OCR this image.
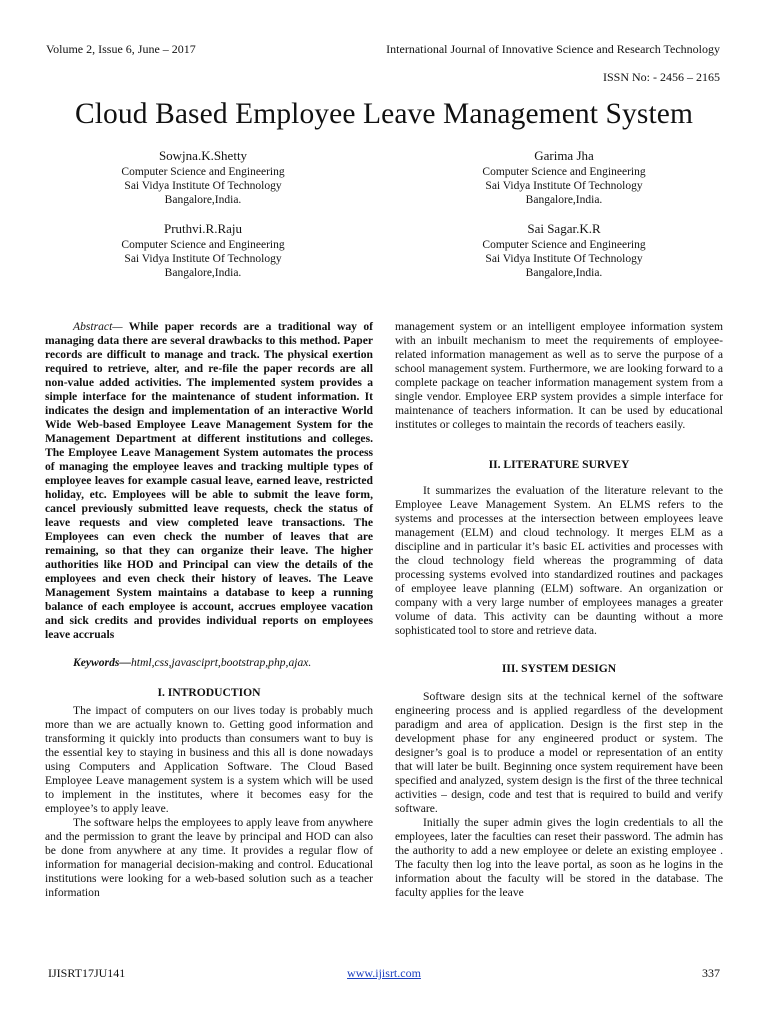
Volume 2, Issue 6, June – 2017	International Journal of Innovative Science and Research Technology
ISSN No: - 2456 – 2165
Cloud Based Employee Leave Management System
Sowjna.K.Shetty
Computer Science and Engineering
Sai Vidya Institute Of Technology
Bangalore,India.
Garima Jha
Computer Science and Engineering
Sai Vidya Institute Of Technology
Bangalore,India.
Pruthvi.R.Raju
Computer Science and Engineering
Sai Vidya Institute Of Technology
Bangalore,India.
Sai Sagar.K.R
Computer Science and Engineering
Sai Vidya Institute Of Technology
Bangalore,India.

Abstract— While paper records are a traditional way of managing data there are several drawbacks to this method. Paper records are difficult to manage and track. The physical exertion required to retrieve, alter, and re-file the paper records are all non-value added activities. The implemented system provides a simple interface for the maintenance of student information. It indicates the design and implementation of an interactive World Wide Web-based Employee Leave Management System for the Management Department at different institutions and colleges. The Employee Leave Management System automates the process of managing the employee leaves and tracking multiple types of employee leaves for example casual leave, earned leave, restricted holiday, etc. Employees will be able to submit the leave form, cancel previously submitted leave requests, check the status of leave requests and view completed leave transactions. The Employees can even check the number of leaves that are remaining, so that they can organize their leave. The higher authorities like HOD and Principal can view the details of the employees and even check their history of leaves. The Leave Management System maintains a database to keep a running balance of each employee is account, accrues employee vacation and sick credits and provides individual reports on employees leave accruals

Keywords—html,css,javasciprt,bootstrap,php,ajax.

I. INTRODUCTION

The impact of computers on our lives today is probably much more than we are actually known to. Getting good information and transforming it quickly into products than consumers want to buy is the essential key to staying in business and this all is done nowadays using Computers and Application Software. The Cloud Based Employee Leave management system is a system which will be used to implement in the institutes, where it becomes easy for the employee’s to apply leave.

The software helps the employees to apply leave from anywhere and the permission to grant the leave by principal and HOD can also be done from anywhere at any time. It provides a regular flow of information for managerial decision-making and control. Educational institutions were looking for a web-based solution such as a teacher information

management system or an intelligent employee information system with an inbuilt mechanism to meet the requirements of employee-related information management as well as to serve the purpose of a school management system. Furthermore, we are looking forward to a complete package on teacher information management system from a single vendor. Employee ERP system provides a simple interface for maintenance of teachers information. It can be used by educational institutes or colleges to maintain the records of teachers easily.

II. LITERATURE SURVEY

It summarizes the evaluation of the literature relevant to the Employee Leave Management System. An ELMS refers to the systems and processes at the intersection between employees leave management (ELM) and cloud technology. It merges ELM as a discipline and in particular it’s basic EL activities and processes with the cloud technology field whereas the programming of data processing systems evolved into standardized routines and packages of employee leave planning (ELM) software. An organization or company with a very large number of employees manages a greater volume of data. This activity can be daunting without a more sophisticated tool to store and retrieve data.

III. SYSTEM DESIGN

Software design sits at the technical kernel of the software engineering process and is applied regardless of the development paradigm and area of application. Design is the first step in the development phase for any engineered product or system. The designer’s goal is to produce a model or representation of an entity that will later be built. Beginning once system requirement have been specified and analyzed, system design is the first of the three technical activities – design, code and test that is required to build and verify software.

Initially the super admin gives the login credentials to all the employees, later the faculties can reset their password. The admin has the authority to add a new employee or delete an existing employee . The faculty then log into the leave portal, as soon as he logins in the information about the faculty will be stored in the database. The faculty applies for the leave

IJISRT17JU141	www.ijisrt.com	337
